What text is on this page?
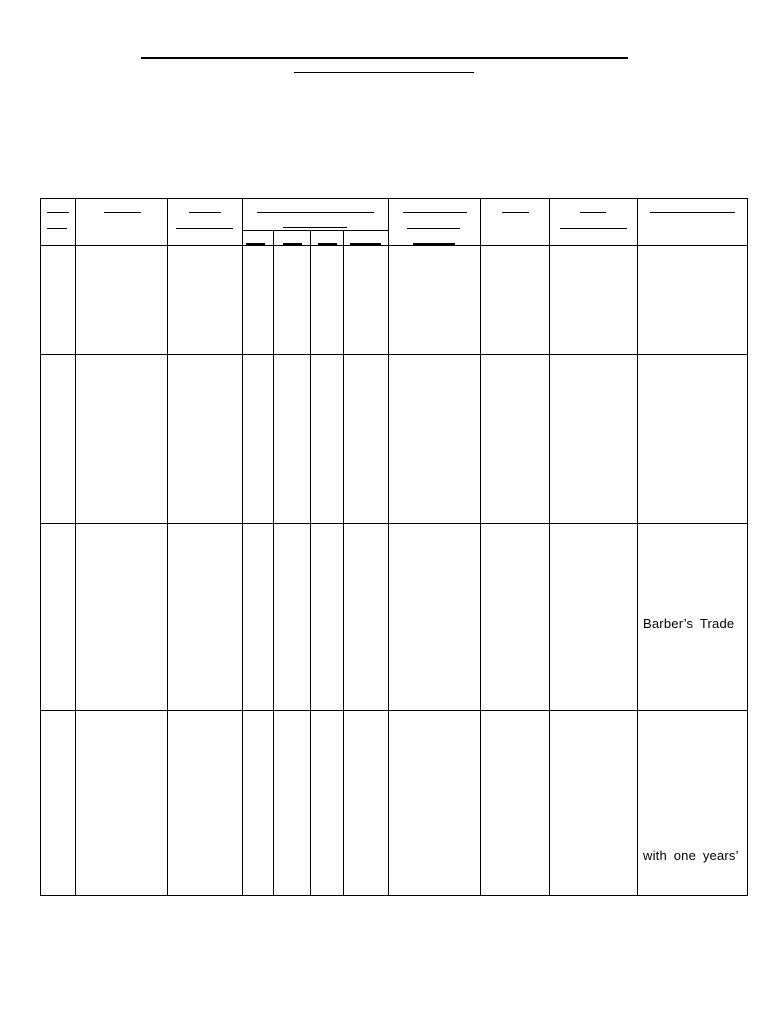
Barber’s Trade
with one years’
